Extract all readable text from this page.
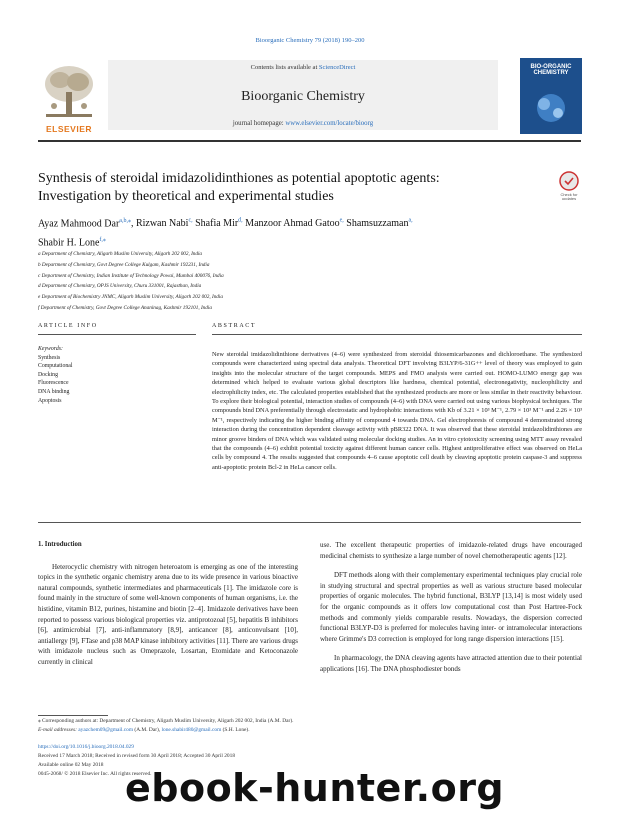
Bioorganic Chemistry 79 (2018) 190–200
ELSEVIER
Contents lists available at ScienceDirect
Bioorganic Chemistry
journal homepage: www.elsevier.com/locate/bioorg
BIO-ORGANIC CHEMISTRY
Synthesis of steroidal imidazolidinthiones as potential apoptotic agents: Investigation by theoretical and experimental studies	Check for
updates
Ayaz Mahmood Dar$^{a,b,⁎}$, Rizwan Nabi$^{c,}$ Shafia Mir$^{d,}$ Manzoor Ahmad Gatoo$^{e,}$ Shamsuzzaman$^{a,}$
Shabir H. Lone$^{f,⁎}$
a Department of Chemistry, Aligarh Muslim University, Aligarh 202 002, India
b Department of Chemistry, Govt Degree College Kulgam, Kashmir 192231, India
c Department of Chemistry, Indian Institute of Technology Powai, Mumbai 400076, India
d Department of Chemistry, OPJS University, Churu 331001, Rajasthan, India
e Department of Biochemistry JNMC, Aligarh Muslim University, Aligarh 202 002, India
f Department of Chemistry, Govt Degree College Ananinag, Kashmir 192101, India
ARTICLE INFO	ABSTRACT
Keywords:
Synthesis
Computational
Docking
Fluorescence
DNA binding
Apoptosis
New steroidal imidazolidinthione derivatives (4–6) were synthesized from steroidal thiosemicarbazones and dichloroethane. The synthesized compounds were characterized using spectral data analysis. Theoretical DFT involving B3LYP/6-31G++ level of theory was employed to gain insights into the molecular structure of the target compounds. MEPS and FMO analysis were carried out. HOMO-LUMO energy gap was determined which helped to evaluate various global descriptors like hardness, chemical potential, electronegativity, nucleophilicity and electrophilicity index, etc. The calculated properties established that the synthesized products are more or less similar in their reactivity behaviour. To explore their biological potential, interaction studies of compounds (4–6) with DNA were carried out using various biophysical techniques. The compounds bind DNA preferentially through electrostatic and hydrophobic interactions with Kb of 3.21 × 10³ M⁻¹, 2.79 × 10³ M⁻¹ and 2.26 × 10³ M⁻¹, respectively indicating the higher binding affinity of compound 4 towards DNA. Gel electrophoresis of compound 4 demonstrated strong interaction during the concentration dependent cleavage activity with pBR322 DNA. It was observed that these steroidal imidazolidinthiones are minor groove binders of DNA which was validated using molecular docking studies. An in vitro cytotoxicity screening using MTT assay revealed that the compounds (4–6) exhibit potential toxicity against different human cancer cells. Highest antiproliferative effect was observed on HeLa cells by compound 4. The results suggested that compounds 4–6 cause apoptotic cell death by cleaving apoptotic protein caspase-3 and suppress anti-apoptotic protein Bcl-2 in HeLa cancer cells.
1. Introduction

Heterocyclic chemistry with nitrogen heteroatom is emerging as one of the interesting topics in the synthetic organic chemistry arena due to its wide presence in various bioactive natural compounds, synthetic intermediates and pharmaceuticals [1]. The imidazole core is found mainly in the structure of some well-known components of human organisms, i.e. the histidine, vitamin B12, purines, histamine and biotin [2–4]. Imidazole derivatives have been reported to possess various biological properties viz. antiprotozoal [5], hepatitis B inhibitors [6], antimicrobial [7], anti-inflammatory [8,9], anticancer [8], anticonvulsant [10], antiallergy [9], FTase and p38 MAP kinase inhibitory activities [11]. There are various drugs with imidazole nucleus such as Omeprazole, Losartan, Etomidate and Ketoconazole currently in clinical

use. The excellent therapeutic properties of imidazole-related drugs have encouraged medicinal chemists to synthesize a large number of novel chemotherapeutic agents [12].

DFT methods along with their complementary experimental techniques play crucial role in studying structural and spectral properties as well as various structure based molecular properties of organic molecules. The hybrid functional, B3LYP [13,14] is most widely used for the organic compounds as it offers low computational cost than Post Hartree-Fock methods and commonly yields comparable results. Nowadays, the dispersion corrected functional B3LYP-D3 is preferred for molecules having inter- or intramolecular interactions where Grimme's D3 correction is employed for long range dispersion interactions [15].

In pharmacology, the DNA cleaving agents have attracted attention due to their potential applications [16]. The DNA phosphodiester bonds

⁎ Corresponding authors at: Department of Chemistry, Aligarh Muslim University, Aligarh 202 002, India (A.M. Dar).
E-mail addresses: ayazchem09@gmail.com (A.M. Dar), lone.shabir480@gmail.com (S.H. Lone).
https://doi.org/10.1016/j.bioorg.2018.04.029
Received 17 March 2018; Received in revised form 30 April 2018; Accepted 30 April 2018
Available online 02 May 2018
0045-2068/ © 2018 Elsevier Inc. All rights reserved.
ebook-hunter.org
